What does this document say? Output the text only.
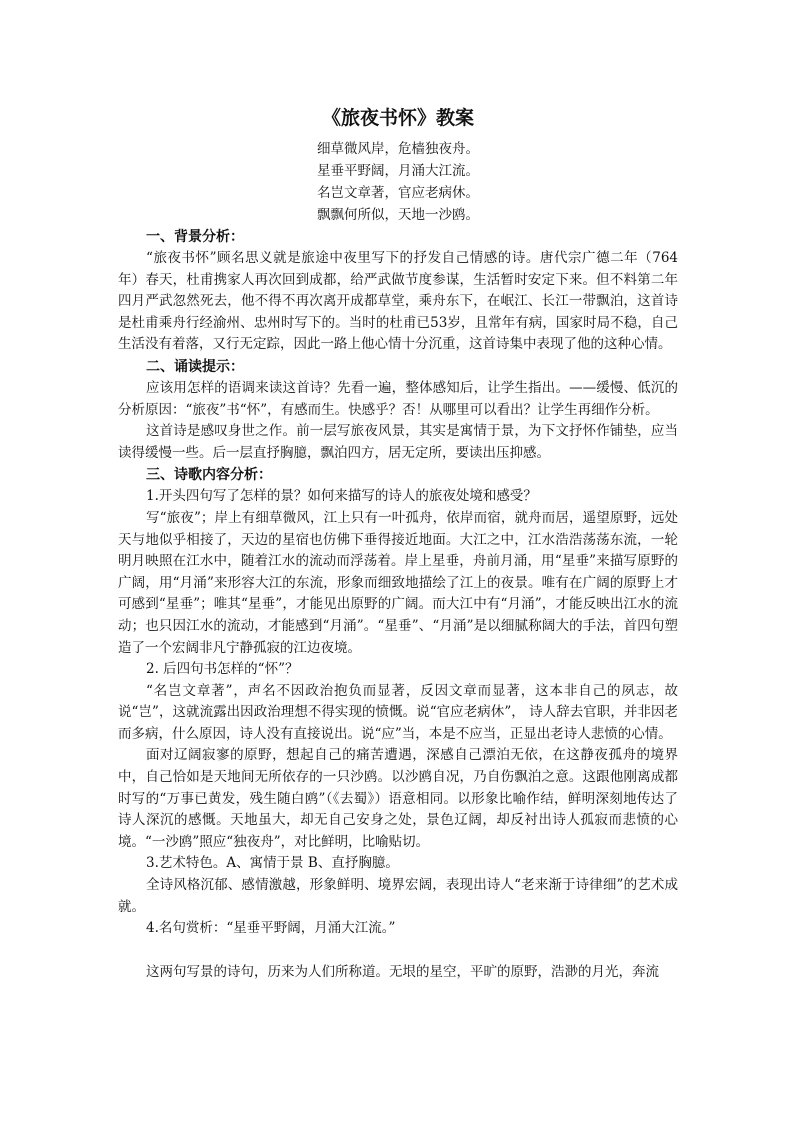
《旅夜书怀》教案
细草微风岸，危樯独夜舟。
星垂平野阔，月涌大江流。
名岂文章著，官应老病休。
飘飘何所似，天地一沙鸥。
一、背景分析：

“旅夜书怀”顾名思义就是旅途中夜里写下的抒发自己情感的诗。唐代宗广德二年（764年）春天，杜甫携家人再次回到成都，给严武做节度参谋，生活暂时安定下来。但不料第二年四月严武忽然死去，他不得不再次离开成都草堂，乘舟东下，在岷江、长江一带飘泊，这首诗是杜甫乘舟行经渝州、忠州时写下的。当时的杜甫已53岁，且常年有病，国家时局不稳，自己生活没有着落，又行无定踪，因此一路上他心情十分沉重，这首诗集中表现了他的这种心情。

二、诵读提示：

应该用怎样的语调来读这首诗？先看一遍，整体感知后，让学生指出。——缓慢、低沉的分析原因：“旅夜”书“怀”，有感而生。快感乎？否！从哪里可以看出？让学生再细作分析。

这首诗是感叹身世之作。前一层写旅夜风景，其实是寓情于景，为下文抒怀作铺垫，应当读得缓慢一些。后一层直抒胸臆，飘泊四方，居无定所，要读出压抑感。

三、诗歌内容分析：

1.开头四句写了怎样的景？如何来描写的诗人的旅夜处境和感受？

写“旅夜”；岸上有细草微风，江上只有一叶孤舟，依岸而宿，就舟而居，遥望原野，远处天与地似乎相接了，天边的星宿也仿佛下垂得接近地面。大江之中，江水浩浩荡荡东流，一轮明月映照在江水中，随着江水的流动而浮荡着。岸上星垂，舟前月涌，用“星垂”来描写原野的广阔，用“月涌”来形容大江的东流，形象而细致地描绘了江上的夜景。唯有在广阔的原野上才可感到“星垂”；唯其“星垂”，才能见出原野的广阔。而大江中有“月涌”，才能反映出江水的流动；也只因江水的流动，才能感到“月涌”。“星垂”、“月涌”是以细腻称阔大的手法，首四句塑造了一个宏阔非凡宁静孤寂的江边夜境。

2. 后四句书怎样的“怀”？

“名岂文章著”，声名不因政治抱负而显著，反因文章而显著，这本非自己的夙志，故说“岂”，这就流露出因政治理想不得实现的愤慨。说“官应老病休”， 诗人辞去官职，并非因老而多病，什么原因，诗人没有直接说出。说“应”当，本是不应当，正显出老诗人悲愤的心情。

面对辽阔寂寥的原野，想起自己的痛苦遭遇，深感自己漂泊无依，在这静夜孤舟的境界中，自己恰如是天地间无所依存的一只沙鸥。以沙鸥自况，乃自伤飘泊之意。这跟他刚离成都时写的“万事已黄发，残生随白鸥”（《去蜀》）语意相同。以形象比喻作结，鲜明深刻地传达了诗人深沉的感慨。天地虽大，却无自己安身之处，景色辽阔，却反衬出诗人孤寂而悲愤的心境。“一沙鸥”照应“独夜舟”，对比鲜明，比喻贴切。

3.艺术特色。A、寓情于景 B、直抒胸臆。

全诗风格沉郁、感情激越，形象鲜明、境界宏阔，表现出诗人“老来渐于诗律细”的艺术成就。

4.名句赏析：“星垂平野阔，月涌大江流。”

这两句写景的诗句，历来为人们所称道。无垠的星空，平旷的原野，浩渺的月光，奔流
